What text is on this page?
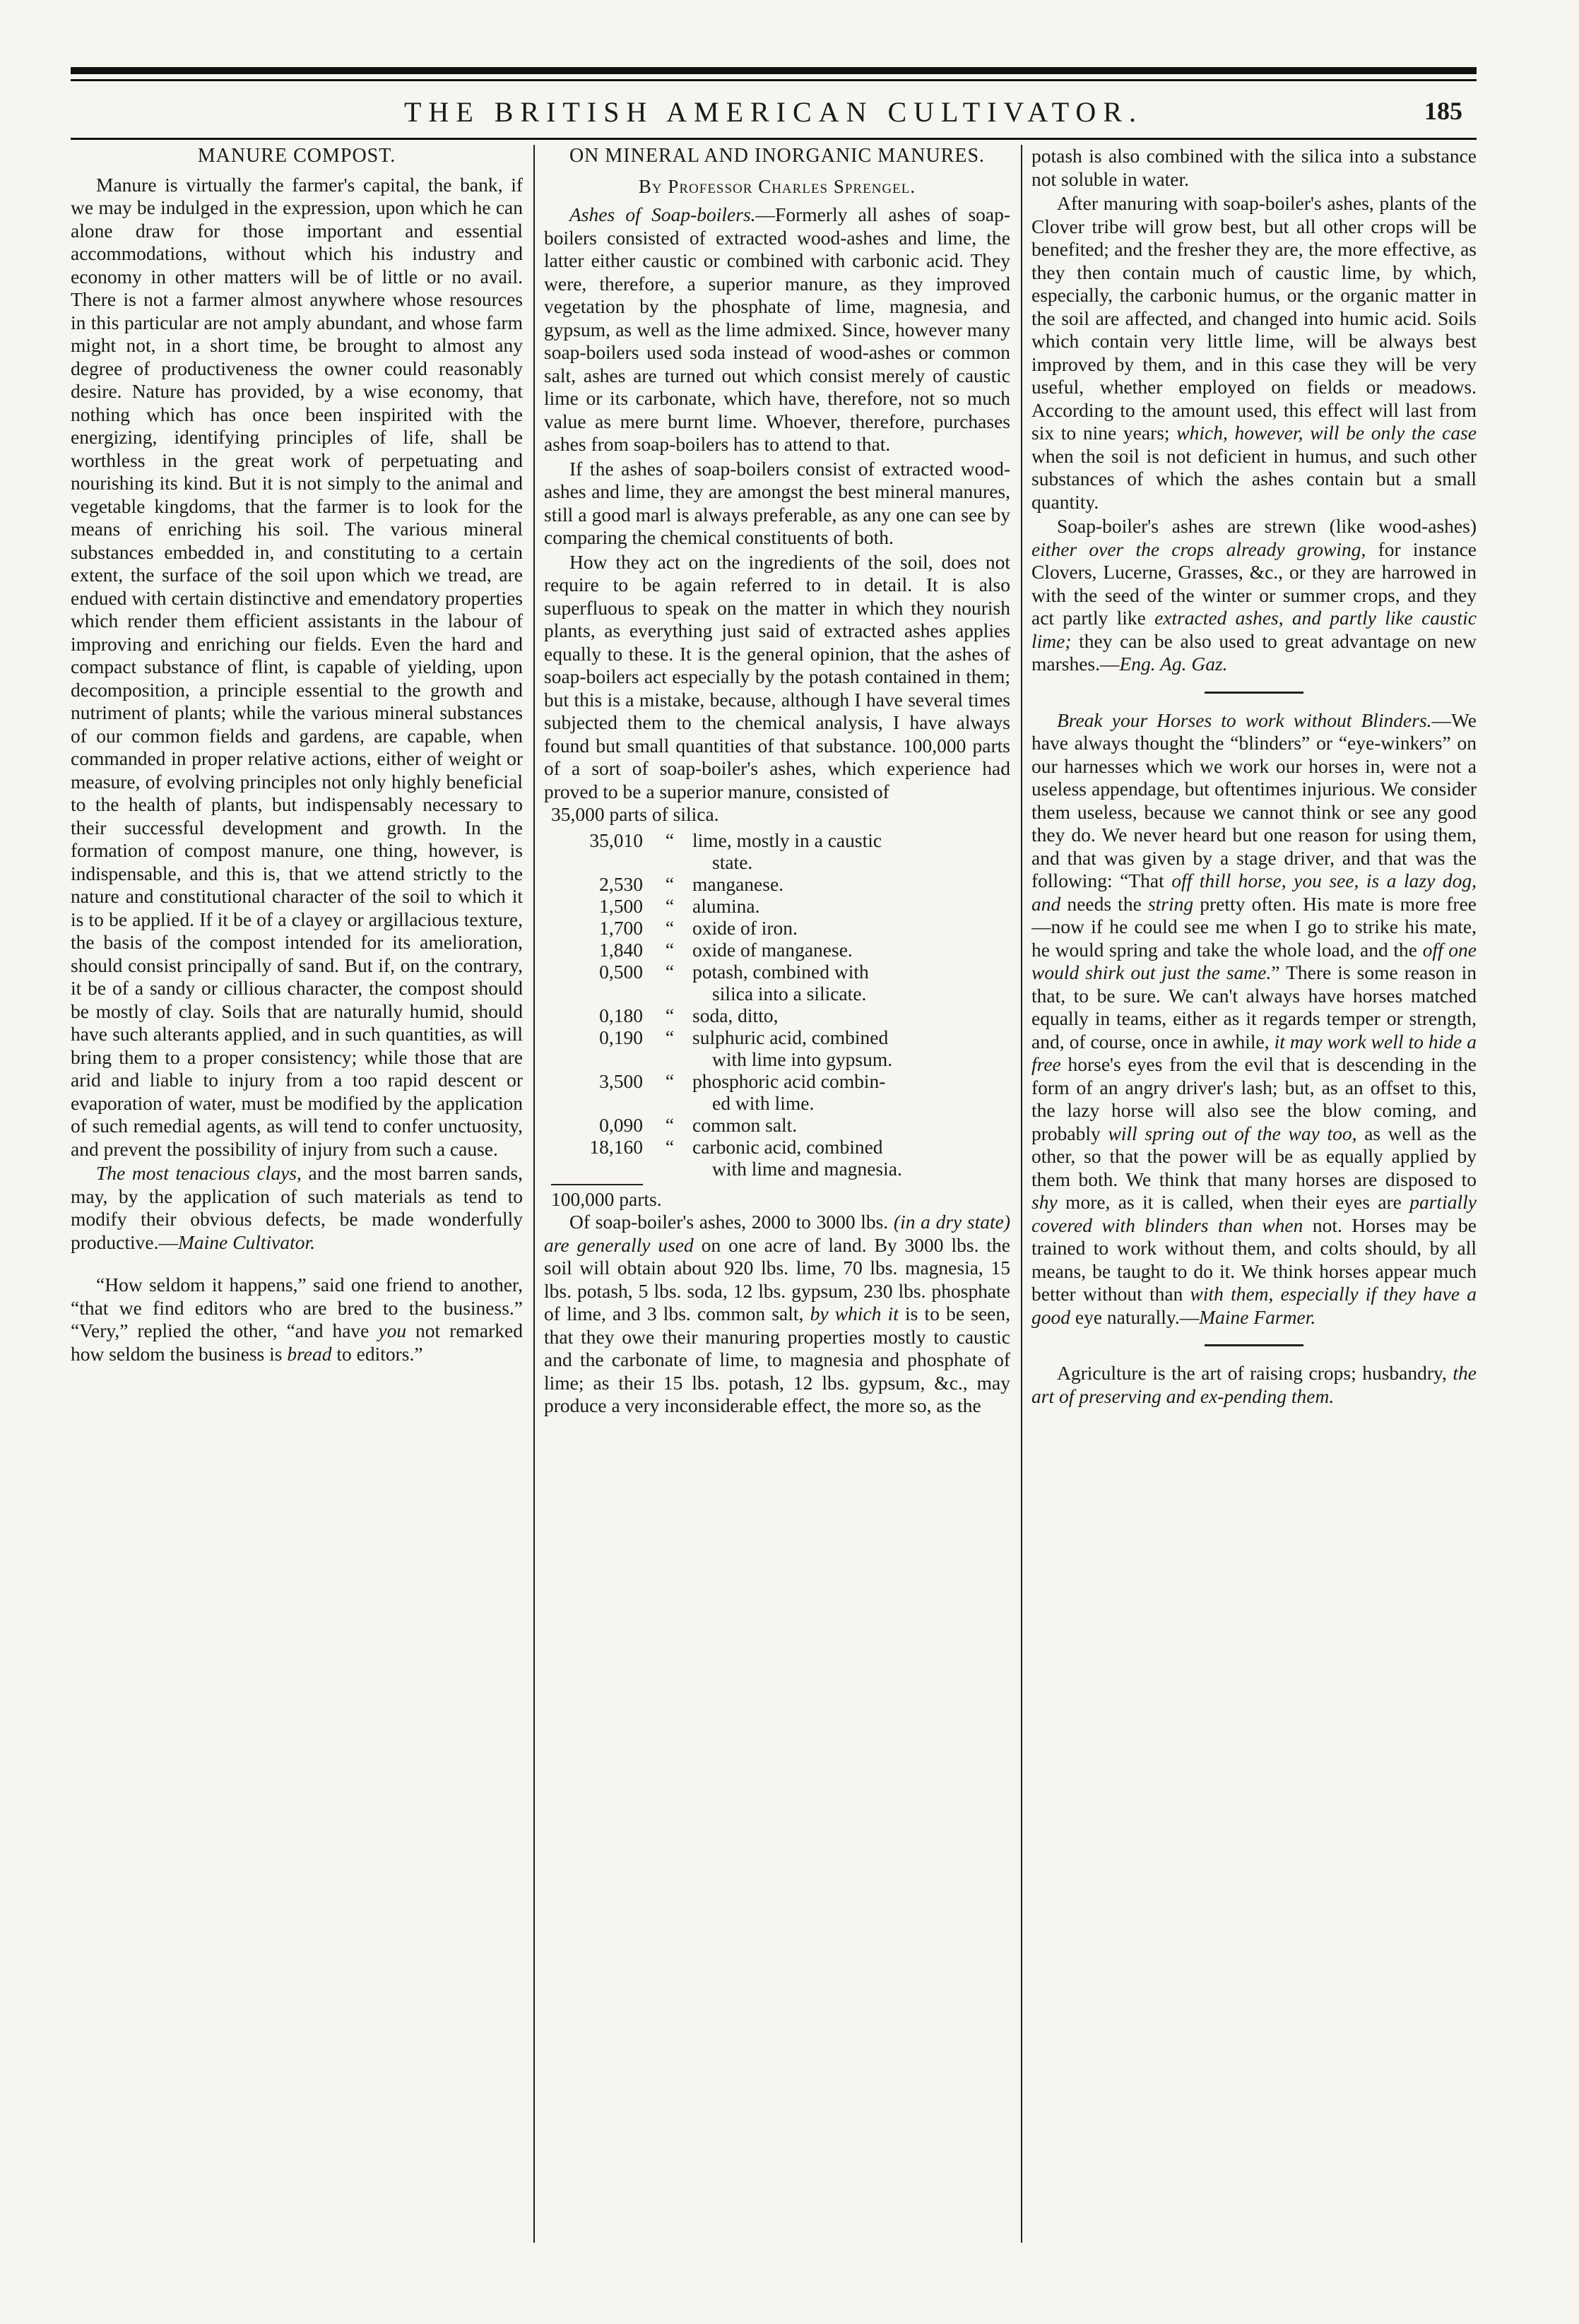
THE BRITISH AMERICAN CULTIVATOR.	185
MANURE COMPOST.

Manure is virtually the farmer's capital, the bank, if we may be indulged in the expression, upon which he can alone draw for those important and essential accommodations, without which his industry and economy in other matters will be of little or no avail. There is not a farmer almost anywhere whose resources in this particular are not amply abundant, and whose farm might not, in a short time, be brought to almost any degree of productiveness the owner could reasonably desire. Nature has provided, by a wise economy, that nothing which has once been inspirited with the energizing, identifying principles of life, shall be worthless in the great work of perpetuating and nourishing its kind. But it is not simply to the animal and vegetable kingdoms, that the farmer is to look for the means of enriching his soil. The various mineral substances embedded in, and constituting to a certain extent, the surface of the soil upon which we tread, are endued with certain distinctive and emendatory properties which render them efficient assistants in the labour of improving and enriching our fields. Even the hard and compact substance of flint, is capable of yielding, upon decomposition, a principle essential to the growth and nutriment of plants; while the various mineral substances of our common fields and gardens, are capable, when commanded in proper relative actions, either of weight or measure, of evolving principles not only highly beneficial to the health of plants, but indispensably necessary to their successful development and growth. In the formation of compost manure, one thing, however, is indispensable, and this is, that we attend strictly to the nature and constitutional character of the soil to which it is to be applied. If it be of a clayey or argillacious texture, the basis of the compost intended for its amelioration, should consist principally of sand. But if, on the contrary, it be of a sandy or cillious character, the compost should be mostly of clay. Soils that are naturally humid, should have such alterants applied, and in such quantities, as will bring them to a proper consistency; while those that are arid and liable to injury from a too rapid descent or evaporation of water, must be modified by the application of such remedial agents, as will tend to confer unctuosity, and prevent the possibility of injury from such a cause.

The most tenacious clays, and the most barren sands, may, by the application of such materials as tend to modify their obvious defects, be made wonderfully productive.—Maine Cultivator.

“How seldom it happens,” said one friend to another, “that we find editors who are bred to the business.” “Very,” replied the other, “and have you not remarked how seldom the business is bread to editors.”

ON MINERAL AND INORGANIC MANURES.
By Professor Charles Sprengel.

Ashes of Soap-boilers.—Formerly all ashes of soap-boilers consisted of extracted wood-ashes and lime, the latter either caustic or combined with carbonic acid. They were, therefore, a superior manure, as they improved vegetation by the phosphate of lime, magnesia, and gypsum, as well as the lime admixed. Since, however many soap-boilers used soda instead of wood-ashes or common salt, ashes are turned out which consist merely of caustic lime or its carbonate, which have, therefore, not so much value as mere burnt lime. Whoever, therefore, purchases ashes from soap-boilers has to attend to that.

If the ashes of soap-boilers consist of extracted wood-ashes and lime, they are amongst the best mineral manures, still a good marl is always preferable, as any one can see by comparing the chemical constituents of both.

How they act on the ingredients of the soil, does not require to be again referred to in detail. It is also superfluous to speak on the matter in which they nourish plants, as everything just said of extracted ashes applies equally to these. It is the general opinion, that the ashes of soap-boilers act especially by the potash contained in them; but this is a mistake, because, although I have several times subjected them to the chemical analysis, I have always found but small quantities of that substance. 100,000 parts of a sort of soap-boiler's ashes, which experience had proved to be a superior manure, consisted of

35,000 parts of silica.
35,010	“	lime, mostly in a caustic
state.

2,530	“	manganese.
1,500	“	alumina.
1,700	“	oxide of iron.
1,840	“	oxide of manganese.
0,500	“	potash, combined with
silica into a silicate.

0,180	“	soda, ditto,
0,190	“	sulphuric acid, combined
with lime into gypsum.

3,500	“	phosphoric acid combin-
ed with lime.

0,090	“	common salt.
18,160	“	carbonic acid, combined
with lime and magnesia.
100,000 parts.

Of soap-boiler's ashes, 2000 to 3000 lbs. (in a dry state) are generally used on one acre of land. By 3000 lbs. the soil will obtain about 920 lbs. lime, 70 lbs. magnesia, 15 lbs. potash, 5 lbs. soda, 12 lbs. gypsum, 230 lbs. phosphate of lime, and 3 lbs. common salt, by which it is to be seen, that they owe their manuring properties mostly to caustic and the carbonate of lime, to magnesia and phosphate of lime; as their 15 lbs. potash, 12 lbs. gypsum, &c., may produce a very inconsiderable effect, the more so, as the

potash is also combined with the silica into a substance not soluble in water.

After manuring with soap-boiler's ashes, plants of the Clover tribe will grow best, but all other crops will be benefited; and the fresher they are, the more effective, as they then contain much of caustic lime, by which, especially, the carbonic humus, or the organic matter in the soil are affected, and changed into humic acid. Soils which contain very little lime, will be always best improved by them, and in this case they will be very useful, whether employed on fields or meadows. According to the amount used, this effect will last from six to nine years; which, however, will be only the case when the soil is not deficient in humus, and such other substances of which the ashes contain but a small quantity.

Soap-boiler's ashes are strewn (like wood-ashes) either over the crops already growing, for instance Clovers, Lucerne, Grasses, &c., or they are harrowed in with the seed of the winter or summer crops, and they act partly like extracted ashes, and partly like caustic lime; they can be also used to great advantage on new marshes.—Eng. Ag. Gaz.

Break your Horses to work without Blinders.—We have always thought the “blinders” or “eye-winkers” on our harnesses which we work our horses in, were not a useless appendage, but oftentimes injurious. We consider them useless, because we cannot think or see any good they do. We never heard but one reason for using them, and that was given by a stage driver, and that was the following: “That off thill horse, you see, is a lazy dog, and needs the string pretty often. His mate is more free—now if he could see me when I go to strike his mate, he would spring and take the whole load, and the off one would shirk out just the same.” There is some reason in that, to be sure. We can't always have horses matched equally in teams, either as it regards temper or strength, and, of course, once in awhile, it may work well to hide a free horse's eyes from the evil that is descending in the form of an angry driver's lash; but, as an offset to this, the lazy horse will also see the blow coming, and probably will spring out of the way too, as well as the other, so that the power will be as equally applied by them both. We think that many horses are disposed to shy more, as it is called, when their eyes are partially covered with blinders than when not. Horses may be trained to work without them, and colts should, by all means, be taught to do it. We think horses appear much better without than with them, especially if they have a good eye naturally.—Maine Farmer.

Agriculture is the art of raising crops; husbandry, the art of preserving and ex-pending them.
